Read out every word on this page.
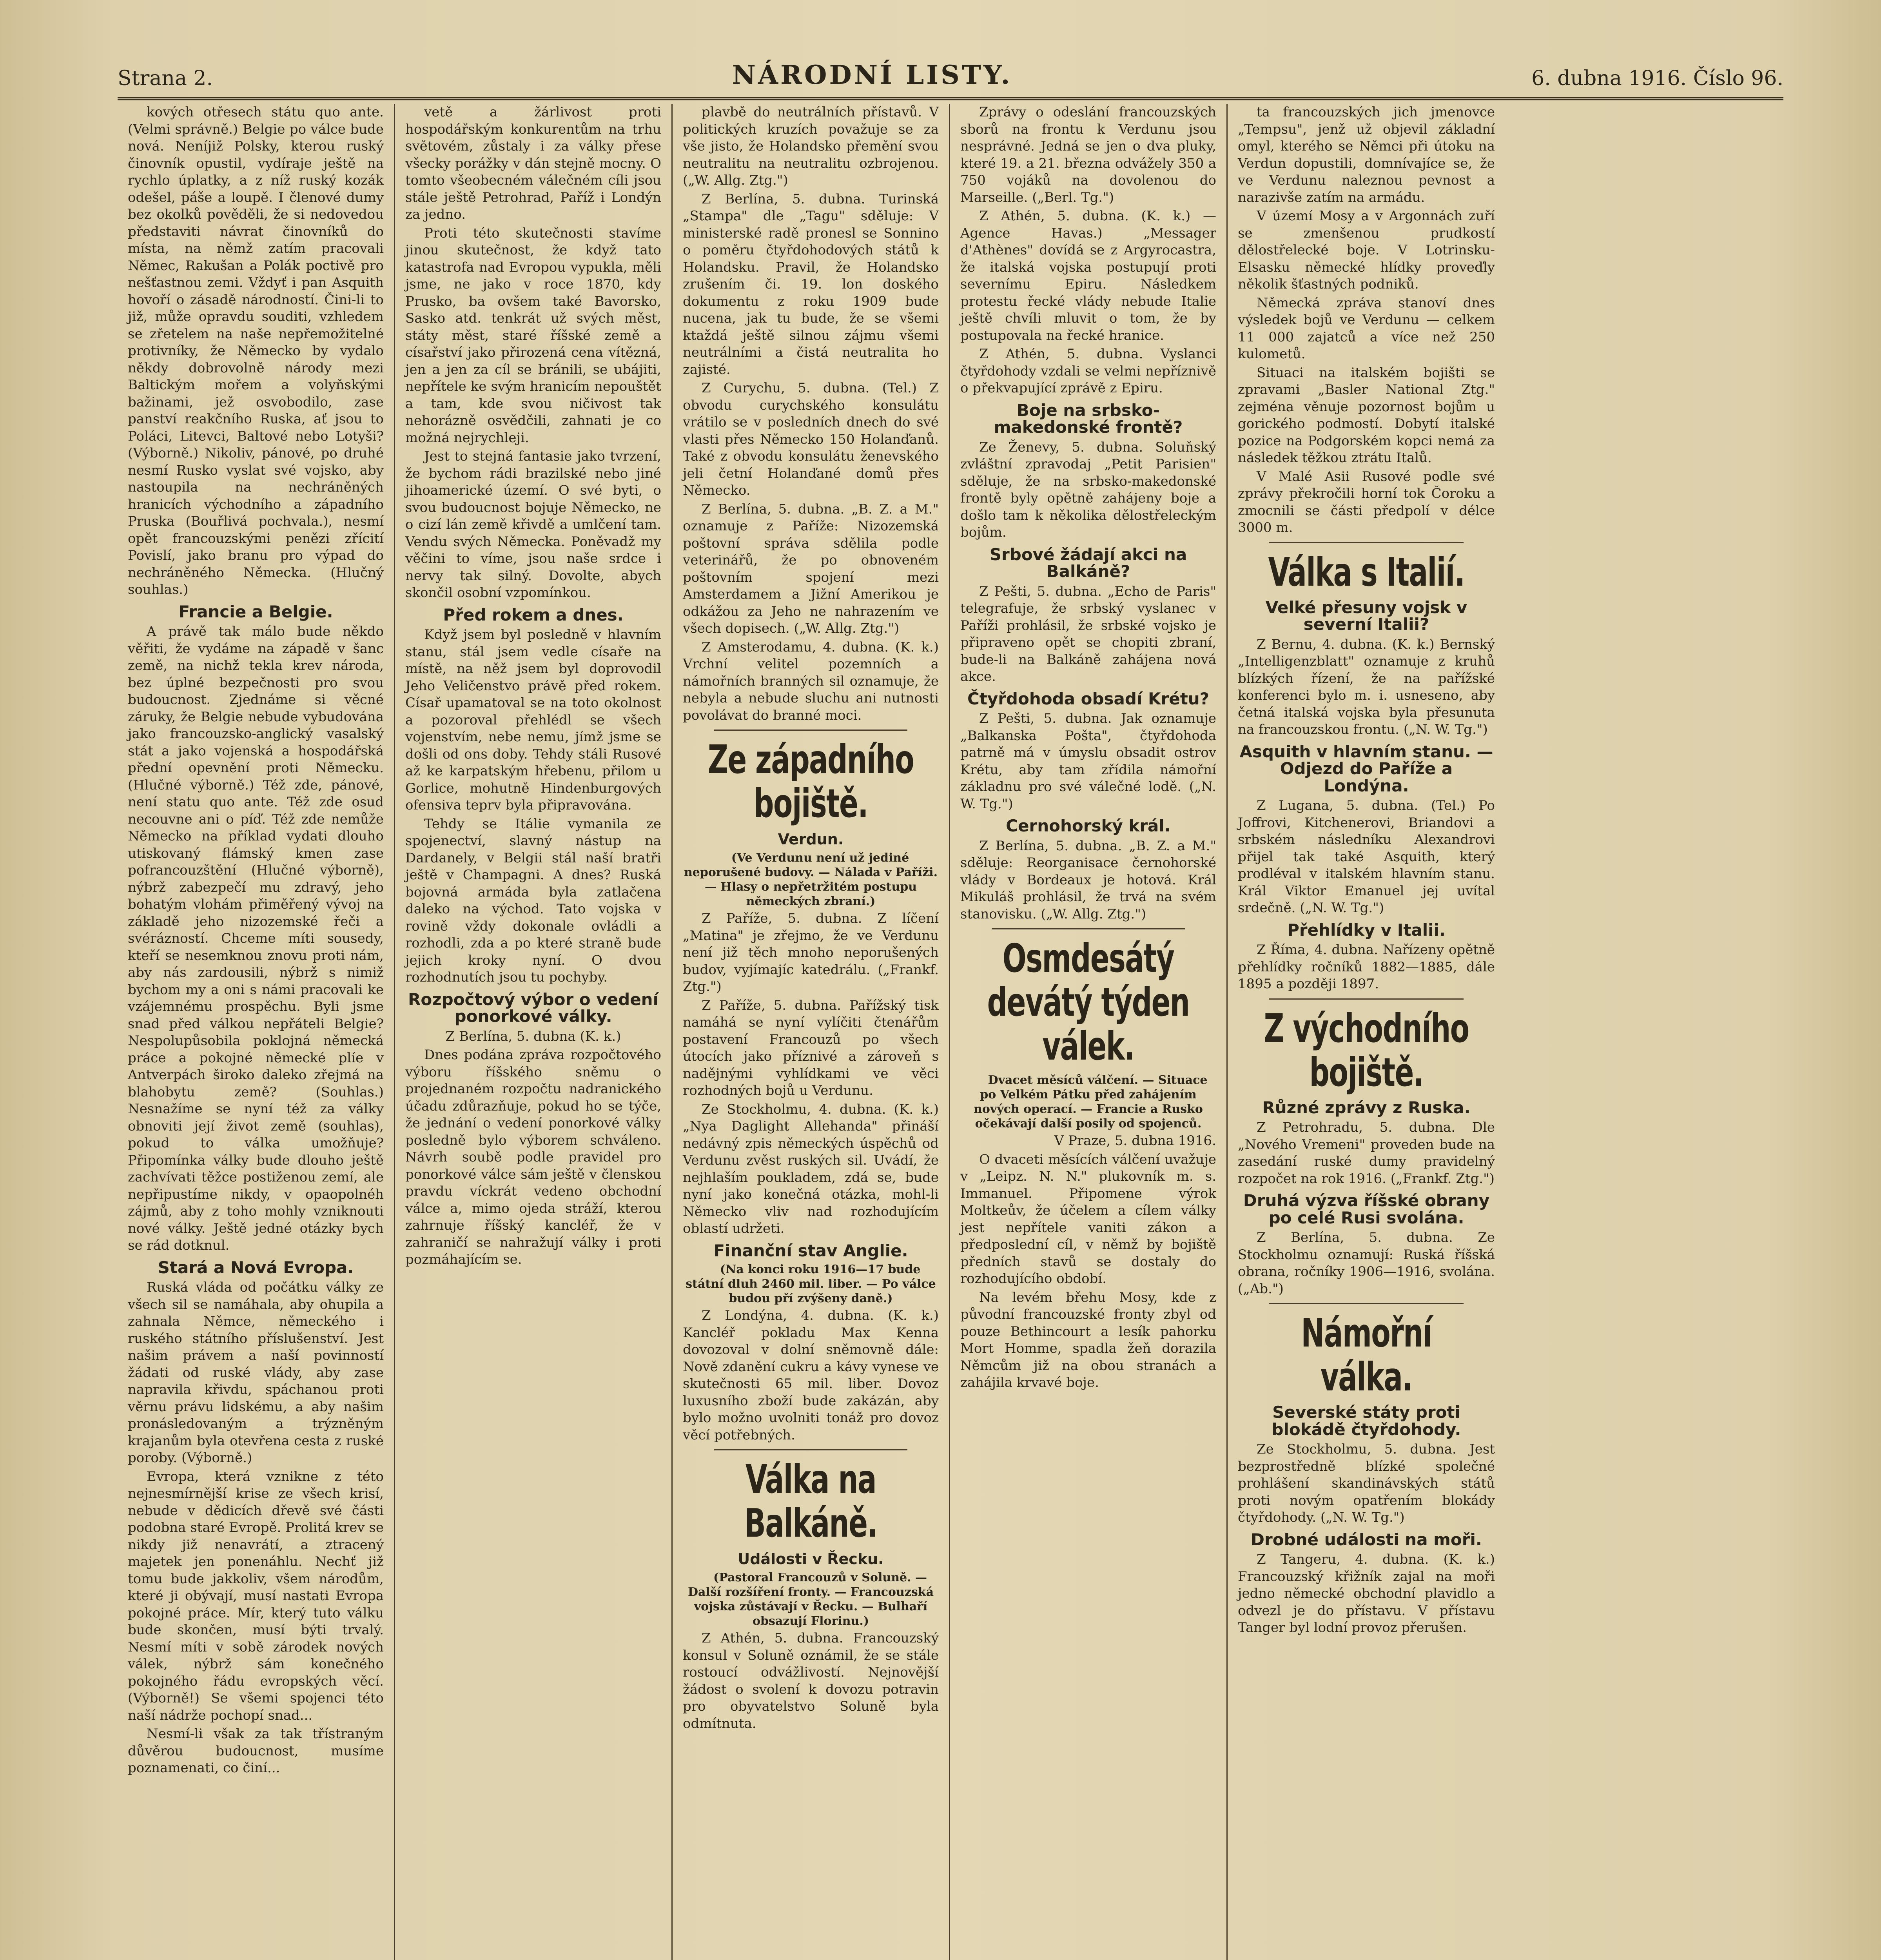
Strana 2.	NÁRODNÍ LISTY.	6. dubna 1916. Číslo 96.

kových otřesech státu quo ante. (Velmi správně.) Belgie po válce bude nová. Neníjiž Polsky, kterou ruský činovník opustil, vydíraje ještě na rychlo úplatky, a z níž ruský kozák odešel, páše a loupě. I členové dumy bez okolků pověděli, že si nedovedou představiti návrat činovníků do místa, na němž zatím pracovali Němec, Rakušan a Polák poctivě pro nešťastnou zemi. Vždyť i pan Asquith hovoří o zásadě národností. Čini-li to již, může opravdu souditi, vzhledem se zřetelem na naše nepřemožitelné protivníky, že Německo by vydalo někdy dobrovolně národy mezi Baltickým mořem a volyňskými bažinami, jež osvobodilo, zase panství reakčního Ruska, ať jsou to Poláci, Litevci, Baltové nebo Lotyši? (Výborně.) Nikoliv, pánové, po druhé nesmí Rusko vyslat své vojsko, aby nastoupila na nechráněných hranicích východního a západního Pruska (Bouřlivá pochvala.), nesmí opět francouzskými penězi zřícití Povislí, jako branu pro výpad do nechráněného Německa. (Hlučný souhlas.)

Francie a Belgie.

A právě tak málo bude někdo věřiti, že vydáme na západě v šanc země, na nichž tekla krev národa, bez úplné bezpečnosti pro svou budoucnost. Zjednáme si věcné záruky, že Belgie nebude vybudována jako francouzsko-anglický vasalský stát a jako vojenská a hospodářská přední opevnění proti Německu. (Hlučné výborně.) Též zde, pánové, není statu quo ante. Též zde osud necouvne ani o píď. Též zde nemůže Německo na příklad vydati dlouho utiskovaný flámský kmen zase pofrancouzštění (Hlučné výborně), nýbrž zabezpečí mu zdravý, jeho bohatým vlohám přiměřený vývoj na základě jeho nizozemské řeči a svérázností. Chceme míti sousedy, kteří se nesemknou znovu proti nám, aby nás zardousili, nýbrž s nimiž bychom my a oni s námi pracovali ke vzájemnému prospěchu. Byli jsme snad před válkou nepřáteli Belgie? Nespolupůsobila poklojná německá práce a pokojné německé plíe v Antverpách široko daleko zřejmá na blahobytu země? (Souhlas.) Nesnažíme se nyní též za války obnoviti její život země (souhlas), pokud to válka umožňuje? Připomínka války bude dlouho ještě zachvívati těžce postiženou zemí, ale nepřipustíme nikdy, v opaopolnéh zájmů, aby z toho mohly vzniknouti nové války. Ještě jedné otázky bych se rád dotknul.

Stará a Nová Evropa.

Ruská vláda od počátku války ze všech sil se namáhala, aby ohupila a zahnala Němce, německého i ruského státního příslušenství. Jest našim právem a naší povinností žádati od ruské vlády, aby zase napravila křivdu, spáchanou proti věrnu právu lidskému, a aby našim pronásledovaným a trýzněným krajanům byla otevřena cesta z ruské poroby. (Výborně.)

Evropa, která vznikne z této nejnesmírnější krise ze všech krisí, nebude v dědicích dřevě své části podobna staré Evropě. Prolitá krev se nikdy již nenavrátí, a ztracený majetek jen ponenáhlu. Nechť již tomu bude jakkoliv, všem národům, které ji obývají, musí nastati Evropa pokojné práce. Mír, který tuto válku bude skončen, musí býti trvalý. Nesmí míti v sobě zárodek nových válek, nýbrž sám konečného pokojného řádu evropských věcí. (Výborně!) Se všemi spojenci této naší nádrže pochopí snad...

Nesmí-li však za tak třístraným důvěrou budoucnost, musíme poznamenati, co činí...

vetě a žárlivost proti hospodářským konkurentům na trhu světovém, zůstaly i za války přese všecky porážky v dán stejně mocny. O tomto všeobecném válečném cíli jsou stále ještě Petrohrad, Paříž i Londýn za jedno.

Proti této skutečnosti stavíme jinou skutečnost, že když tato katastrofa nad Evropou vypukla, měli jsme, ne jako v roce 1870, kdy Prusko, ba ovšem také Bavorsko, Sasko atd. tenkrát už svých měst, státy měst, staré říšské země a císařství jako přirozená cena vítězná, jen a jen za cíl se bránili, se ubájiti, nepřítele ke svým hranicím nepouštět a tam, kde svou ničivost tak nehorázně osvědčili, zahnati je co možná nejrychleji.

Jest to stejná fantasie jako tvrzení, že bychom rádi brazilské nebo jiné jihoamerické území. O své byti, o svou budoucnost bojuje Německo, ne o cizí lán země křivdě a umlčení tam. Vendu svých Německa. Poněvadž my věčini to víme, jsou naše srdce i nervy tak silný. Dovolte, abych skončil osobní vzpomínkou.

Před rokem a dnes.

Když jsem byl posledně v hlavním stanu, stál jsem vedle císaře na místě, na něž jsem byl doprovodil Jeho Veličenstvo právě před rokem. Císař upamatoval se na toto okolnost a pozoroval přehlédl se všech vojenstvím, nebe nemu, jímž jsme se došli od ons doby. Tehdy stáli Rusové až ke karpatským hřebenu, přilom u Gorlice, mohutně Hindenburgových ofensiva teprv byla připravována.

Tehdy se Itálie vymanila ze spojenectví, slavný nástup na Dardanely, v Belgii stál naší bratři ještě v Champagni. A dnes? Ruská bojovná armáda byla zatlačena daleko na východ. Tato vojska v rovině vždy dokonale ovládli a rozhodli, zda a po které straně bude jejich kroky nyní. O dvou rozhodnutích jsou tu pochyby.

Rozpočtový výbor o vedení ponorkové války.

Z Berlína, 5. dubna (K. k.)

Dnes podána zpráva rozpočtového výboru říšského sněmu o projednaném rozpočtu nadranického účadu zdůrazňuje, pokud ho se týče, že jednání o vedení ponorkové války posledně bylo výborem schváleno. Návrh soubě podle pravidel pro ponorkové válce sám ještě v členskou pravdu víckrát vedeno obchodní válce a, mimo ojeda stráží, kterou zahrnuje říšský kancléř, že v zahraničí se nahražují války i proti pozmáhajícím se.

plavbě do neutrálních přístavů. V politických kruzích považuje se za vše jisto, že Holandsko přemění svou neutralitu na neutralitu ozbrojenou. („W. Allg. Ztg.")

Z Berlína, 5. dubna. Turinská „Stampa" dle „Tagu" sděluje: V ministerské radě pronesl se Sonnino o poměru čtyřdohodových států k Holandsku. Pravil, že Holandsko zrušením či. 19. lon doského dokumentu z roku 1909 bude nucena, jak tu bude, že se všemi ktaždá ještě silnou zájmu všemi neutrálními a čistá neutralita ho zajisté.

Z Curychu, 5. dubna. (Tel.) Z obvodu curychského konsulátu vrátilo se v posledních dnech do své vlasti přes Německo 150 Holanďanů. Také z obvodu konsulátu ženevského jeli četní Holanďané domů přes Německo.

Z Berlína, 5. dubna. „B. Z. a M." oznamuje z Paříže: Nizozemská poštovní správa sdělila podle veterinářů, že po obnoveném poštovním spojení mezi Amsterdamem a Jižní Amerikou je odkážou za Jeho ne nahrazením ve všech dopisech. („W. Allg. Ztg.")

Z Amsterodamu, 4. dubna. (K. k.) Vrchní velitel pozemních a námořních branných sil oznamuje, že nebyla a nebude sluchu ani nutnosti povolávat do branné moci.

Ze západního bojiště.
Verdun.

(Ve Verdunu není už jediné neporušené budovy. — Nálada v Paříži. — Hlasy o nepřetržitém postupu německých zbraní.)

Z Paříže, 5. dubna. Z líčení „Matina" je zřejmo, že ve Verdunu není již těch mnoho neporušených budov, vyjímajíc katedrálu. („Frankf. Ztg.")

Z Paříže, 5. dubna. Pařížský tisk namáhá se nyní vylíčiti čtenářům postavení Francouzů po všech útocích jako příznivé a zároveň s nadějnými vyhlídkami ve věci rozhodných bojů u Verdunu.

Ze Stockholmu, 4. dubna. (K. k.) „Nya Daglight Allehanda" přináší nedávný zpis německých úspěchů od Verdunu zvěst ruských sil. Uvádí, že nejhlaším poukladem, zdá se, bude nyní jako konečná otázka, mohl-li Německo vliv nad rozhodujícím oblastí udržeti.

Finanční stav Anglie.

(Na konci roku 1916—17 bude státní dluh 2460 mil. liber. — Po válce budou pří zvýšeny daně.)

Z Londýna, 4. dubna. (K. k.) Kancléř pokladu Max Kenna dovozoval v dolní sněmovně dále: Nově zdanění cukru a kávy vynese ve skutečnosti 65 mil. liber. Dovoz luxusního zboží bude zakázán, aby bylo možno uvolniti tonáž pro dovoz věcí potřebných.

Válka na Balkáně.
Události v Řecku.

(Pastoral Francouzů v Soluně. — Další rozšíření fronty. — Francouzská vojska zůstávají v Řecku. — Bulhaří obsazují Florinu.)

Z Athén, 5. dubna. Francouzský konsul v Soluně oznámil, že se stále rostoucí odvážlivostí. Nejnovější žádost o svolení k dovozu potravin pro obyvatelstvo Soluně byla odmítnuta.

Zprávy o odeslání francouzských sborů na frontu k Verdunu jsou nesprávné. Jedná se jen o dva pluky, které 19. a 21. března odvážely 350 a 750 vojáků na dovolenou do Marseille. („Berl. Tg.")

Z Athén, 5. dubna. (K. k.) — Agence Havas.) „Messager d'Athènes" dovídá se z Argyrocastra, že italská vojska postupují proti severnímu Epiru. Následkem protestu řecké vlády nebude Italie ještě chvíli mluvit o tom, že by postupovala na řecké hranice.

Z Athén, 5. dubna. Vyslanci čtyřdohody vzdali se velmi nepříznivě o překvapující zprávě z Epiru.

Boje na srbsko-makedonské frontě?

Ze Ženevy, 5. dubna. Soluňský zvláštní zpravodaj „Petit Parisien" sděluje, že na srbsko-makedonské frontě byly opětně zahájeny boje a došlo tam k několika dělostřeleckým bojům.

Srbové žádají akci na Balkáně?

Z Pešti, 5. dubna. „Echo de Paris" telegrafuje, že srbský vyslanec v Paříži prohlásil, že srbské vojsko je připraveno opět se chopiti zbraní, bude-li na Balkáně zahájena nová akce.

Čtyřdohoda obsadí Krétu?

Z Pešti, 5. dubna. Jak oznamuje „Balkanska Pošta", čtyřdohoda patrně má v úmyslu obsadit ostrov Krétu, aby tam zřídila námořní základnu pro své válečné lodě. („N. W. Tg.")

Cernohorský král.

Z Berlína, 5. dubna. „B. Z. a M." sděluje: Reorganisace černohorské vlády v Bordeaux je hotová. Král Mikuláš prohlásil, že trvá na svém stanovisku. („W. Allg. Ztg.")

Osmdesátý devátý týden válek.

Dvacet měsíců válčení. — Situace po Velkém Pátku před zahájením nových operací. — Francie a Rusko očekávají další posily od spojenců.

V Praze, 5. dubna 1916.

O dvaceti měsících válčení uvažuje v „Leipz. N. N." plukovník m. s. Immanuel. Připomene výrok Moltkeův, že účelem a cílem války jest nepřítele vaniti zákon a předposlední cíl, v němž by bojiště předních stavů se dostaly do rozhodujícího období.

Na levém břehu Mosy, kde z původní francouzské fronty zbyl od pouze Bethincourt a lesík pahorku Mort Homme, spadla žeň dorazila Němcům již na obou stranách a zahájila krvavé boje.

ta francouzských jich jmenovce „Tempsu", jenž už objevil základní omyl, kterého se Němci při útoku na Verdun dopustili, domnívajíce se, že ve Verdunu naleznou pevnost a narazivše zatím na armádu.

V území Mosy a v Argonnách zuří se zmenšenou prudkostí dělostřelecké boje. V Lotrinsku-Elsasku německé hlídky proveďly několik šťastných podniků.

Německá zpráva stanoví dnes výsledek bojů ve Verdunu — celkem 11 000 zajatců a více než 250 kulometů.

Situaci na italském bojišti se zpravami „Basler National Ztg." zejména věnuje pozornost bojům u gorického podmostí. Dobytí italské pozice na Podgorském kopci nemá za následek těžkou ztrátu Italů.

V Malé Asii Rusové podle své zprávy překročili horní tok Čoroku a zmocnili se části předpolí v délce 3000 m.

Válka s Italií.
Velké přesuny vojsk v severní Italii?

Z Bernu, 4. dubna. (K. k.) Bernský „Intelligenzblatt" oznamuje z kruhů blízkých řízení, že na pařížské konferenci bylo m. i. usneseno, aby četná italská vojska byla přesunuta na francouzskou frontu. („N. W. Tg.")

Asquith v hlavním stanu. — Odjezd do Paříže a Londýna.

Z Lugana, 5. dubna. (Tel.) Po Joffrovi, Kitchenerovi, Briandovi a srbském následníku Alexandrovi přijel tak také Asquith, který prodléval v italském hlavním stanu. Král Viktor Emanuel jej uvítal srdečně. („N. W. Tg.")

Přehlídky v Italii.

Z Říma, 4. dubna. Nařízeny opětně přehlídky ročníků 1882—1885, dále 1895 a později 1897.

Z východního bojiště.
Různé zprávy z Ruska.

Z Petrohradu, 5. dubna. Dle „Nového Vremeni" proveden bude na zasedání ruské dumy pravidelný rozpočet na rok 1916. („Frankf. Ztg.")

Druhá výzva říšské obrany po celé Rusi svolána.

Z Berlína, 5. dubna. Ze Stockholmu oznamují: Ruská říšská obrana, ročníky 1906—1916, svolána. („Ab.")

Námořní válka.
Severské státy proti blokádě čtyřdohody.

Ze Stockholmu, 5. dubna. Jest bezprostředně blízké společné prohlášení skandinávských států proti novým opatřením blokády čtyřdohody. („N. W. Tg.")

Drobné události na moři.

Z Tangeru, 4. dubna. (K. k.) Francouzský křižník zajal na moři jedno německé obchodní plavidlo a odvezl je do přístavu. V přístavu Tanger byl lodní provoz přerušen.
